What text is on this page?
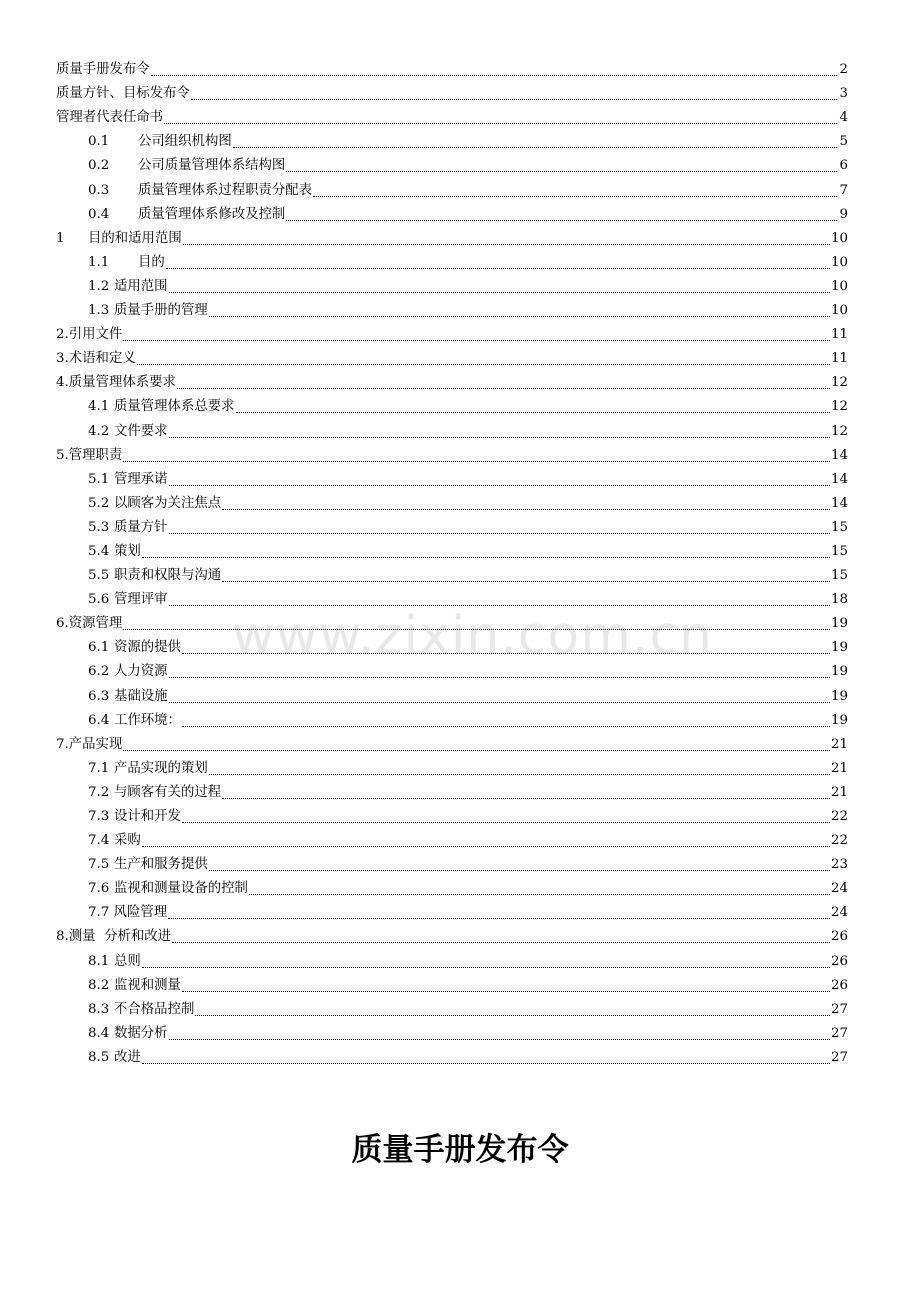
质量手册发布令	2
质量方针、目标发布令	3
管理者代表任命书	4
0.1	公司组织机构图	5
0.2	公司质量管理体系结构图	6
0.3	质量管理体系过程职责分配表	7
0.4	质量管理体系修改及控制	9
1	目的和适用范围	10
1.1	目的	10
1.2 适用范围	10
1.3 质量手册的管理	10
2.引用文件	11
3.术语和定义	11
4.质量管理体系要求	12
4.1 质量管理体系总要求	12
4.2 文件要求	12
5.管理职责	14
5.1 管理承诺	14
5.2 以顾客为关注焦点	14
5.3 质量方针	15
5.4 策划	15
5.5 职责和权限与沟通	15
5.6 管理评审	18
6.资源管理	19
6.1 资源的提供	19
6.2 人力资源	19
6.3 基础设施	19
6.4 工作环境：	19
7.产品实现	21
7.1 产品实现的策划	21
7.2 与顾客有关的过程	21
7.3 设计和开发	22
7.4 采购	22
7.5 生产和服务提供	23
7.6 监视和测量设备的控制	24
7.7 风险管理	24
8.测量  分析和改进	26
8.1 总则	26
8.2 监视和测量	26
8.3 不合格品控制	27
8.4 数据分析	27
8.5 改进	27
www.zixin.com.cn
质量手册发布令
